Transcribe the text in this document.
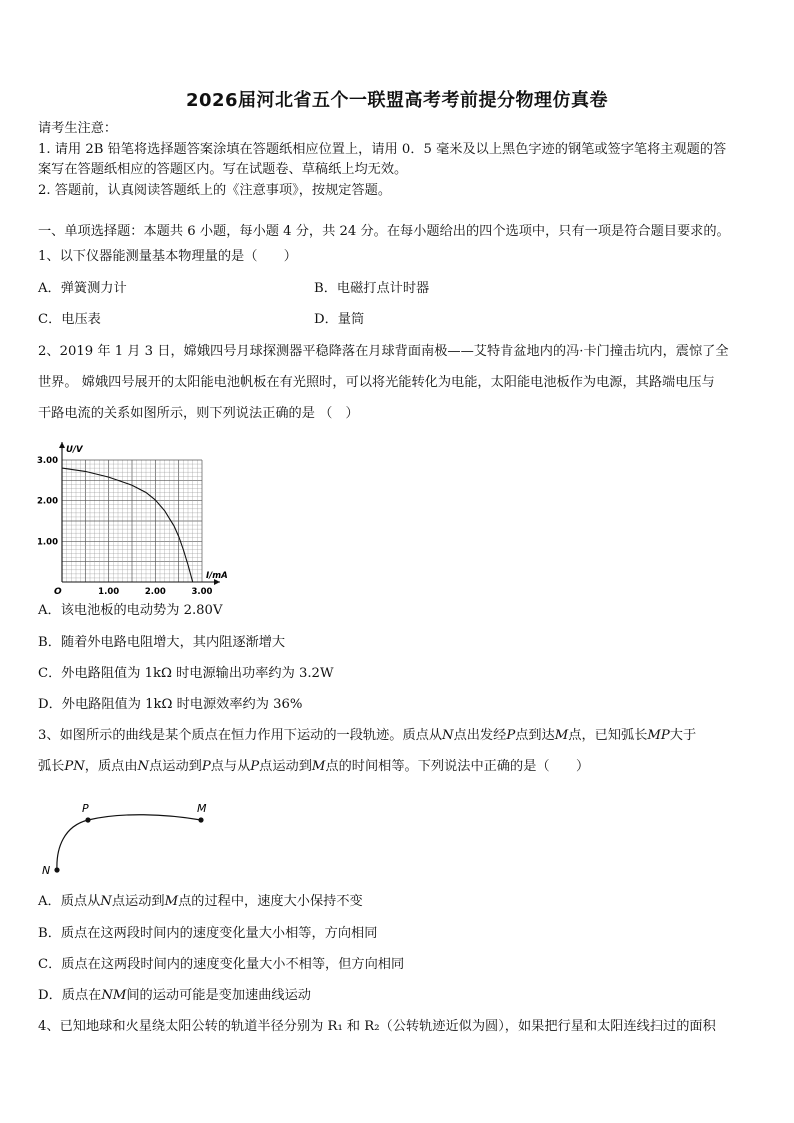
2026届河北省五个一联盟高考考前提分物理仿真卷
请考生注意：
1. 请用 2B 铅笔将选择题答案涂填在答题纸相应位置上，请用 0．5 毫米及以上黑色字迹的钢笔或签字笔将主观题的答
案写在答题纸相应的答题区内。写在试题卷、草稿纸上均无效。
2. 答题前，认真阅读答题纸上的《注意事项》，按规定答题。
一、单项选择题：本题共 6 小题，每小题 4 分，共 24 分。在每小题给出的四个选项中，只有一项是符合题目要求的。
1、以下仪器能测量基本物理量的是（　　）
A．弹簧测力计	B．电磁打点计时器
C．电压表	D．量筒
2、2019 年 1 月 3 日，嫦娥四号月球探测器平稳降落在月球背面南极——艾特肯盆地内的冯·卡门撞击坑内，震惊了全
世界。 嫦娥四号展开的太阳能电池帆板在有光照时，可以将光能转化为电能，太阳能电池板作为电源，其路端电压与
干路电流的关系如图所示，则下列说法正确的是 （　）
1.00	2.00	3.00
1.00
2.00
3.00
O
I/mA
U/V
A．该电池板的电动势为 2.80V
B．随着外电路电阻增大，其内阻逐渐增大
C．外电路阻值为 1kΩ 时电源输出功率约为 3.2W
D．外电路阻值为 1kΩ 时电源效率约为 36%
3、如图所示的曲线是某个质点在恒力作用下运动的一段轨迹。质点从N点出发经P点到达M点，已知弧长MP大于
弧长PN，质点由N点运动到P点与从P点运动到M点的时间相等。下列说法中正确的是（　　）
N
P	M
A．质点从N点运动到M点的过程中，速度大小保持不变
B．质点在这两段时间内的速度变化量大小相等，方向相同
C．质点在这两段时间内的速度变化量大小不相等，但方向相同
D．质点在NM间的运动可能是变加速曲线运动
4、已知地球和火星绕太阳公转的轨道半径分别为 R₁ 和 R₂（公转轨迹近似为圆），如果把行星和太阳连线扫过的面积
